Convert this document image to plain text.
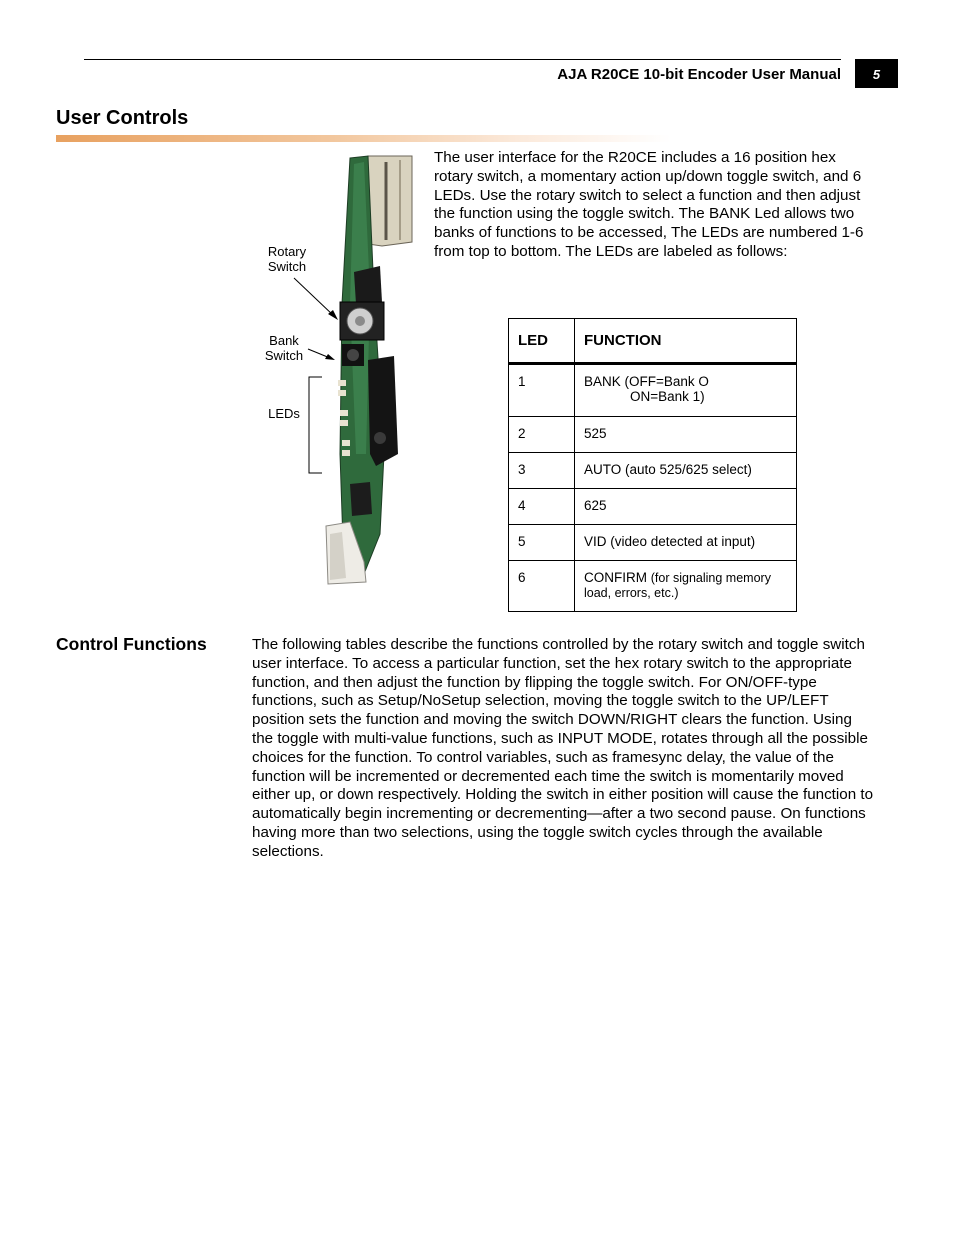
AJA R20CE 10-bit Encoder User Manual	5
User Controls
Rotary
Switch
Bank
Switch
LEDs
The user interface for the R20CE includes a 16 position hex rotary switch, a momentary action up/down toggle switch, and 6 LEDs. Use the rotary switch to select a function and then adjust the function using the toggle switch. The BANK Led allows two banks of functions to be accessed, The LEDs are numbered 1-6 from top to bottom. The LEDs are labeled as follows:
LED	FUNCTION
1	BANK (OFF=Bank O
ON=Bank 1)

2	525
3	AUTO (auto 525/625 select)
4	625
5	VID (video detected at input)
6	CONFIRM (for signaling memory load, errors, etc.)
Control Functions	The following tables describe the functions controlled by the rotary switch and toggle switch user interface. To access a particular function, set the hex rotary switch to the appropriate function, and then adjust the function by flipping the toggle switch. For ON/OFF-type functions, such as Setup/NoSetup selection, moving the toggle switch to the UP/LEFT position sets the function and moving the switch DOWN/RIGHT clears the function. Using the toggle with multi-value functions, such as INPUT MODE, rotates through all the possible choices for the function. To control variables, such as framesync delay, the value of the function will be incremented or decremented each time the switch is momentarily moved either up, or down respectively. Holding the switch in either position will cause the function to automatically begin incrementing or decrementing—after a two second pause. On functions having more than two selections, using the toggle switch cycles through the available selections.
